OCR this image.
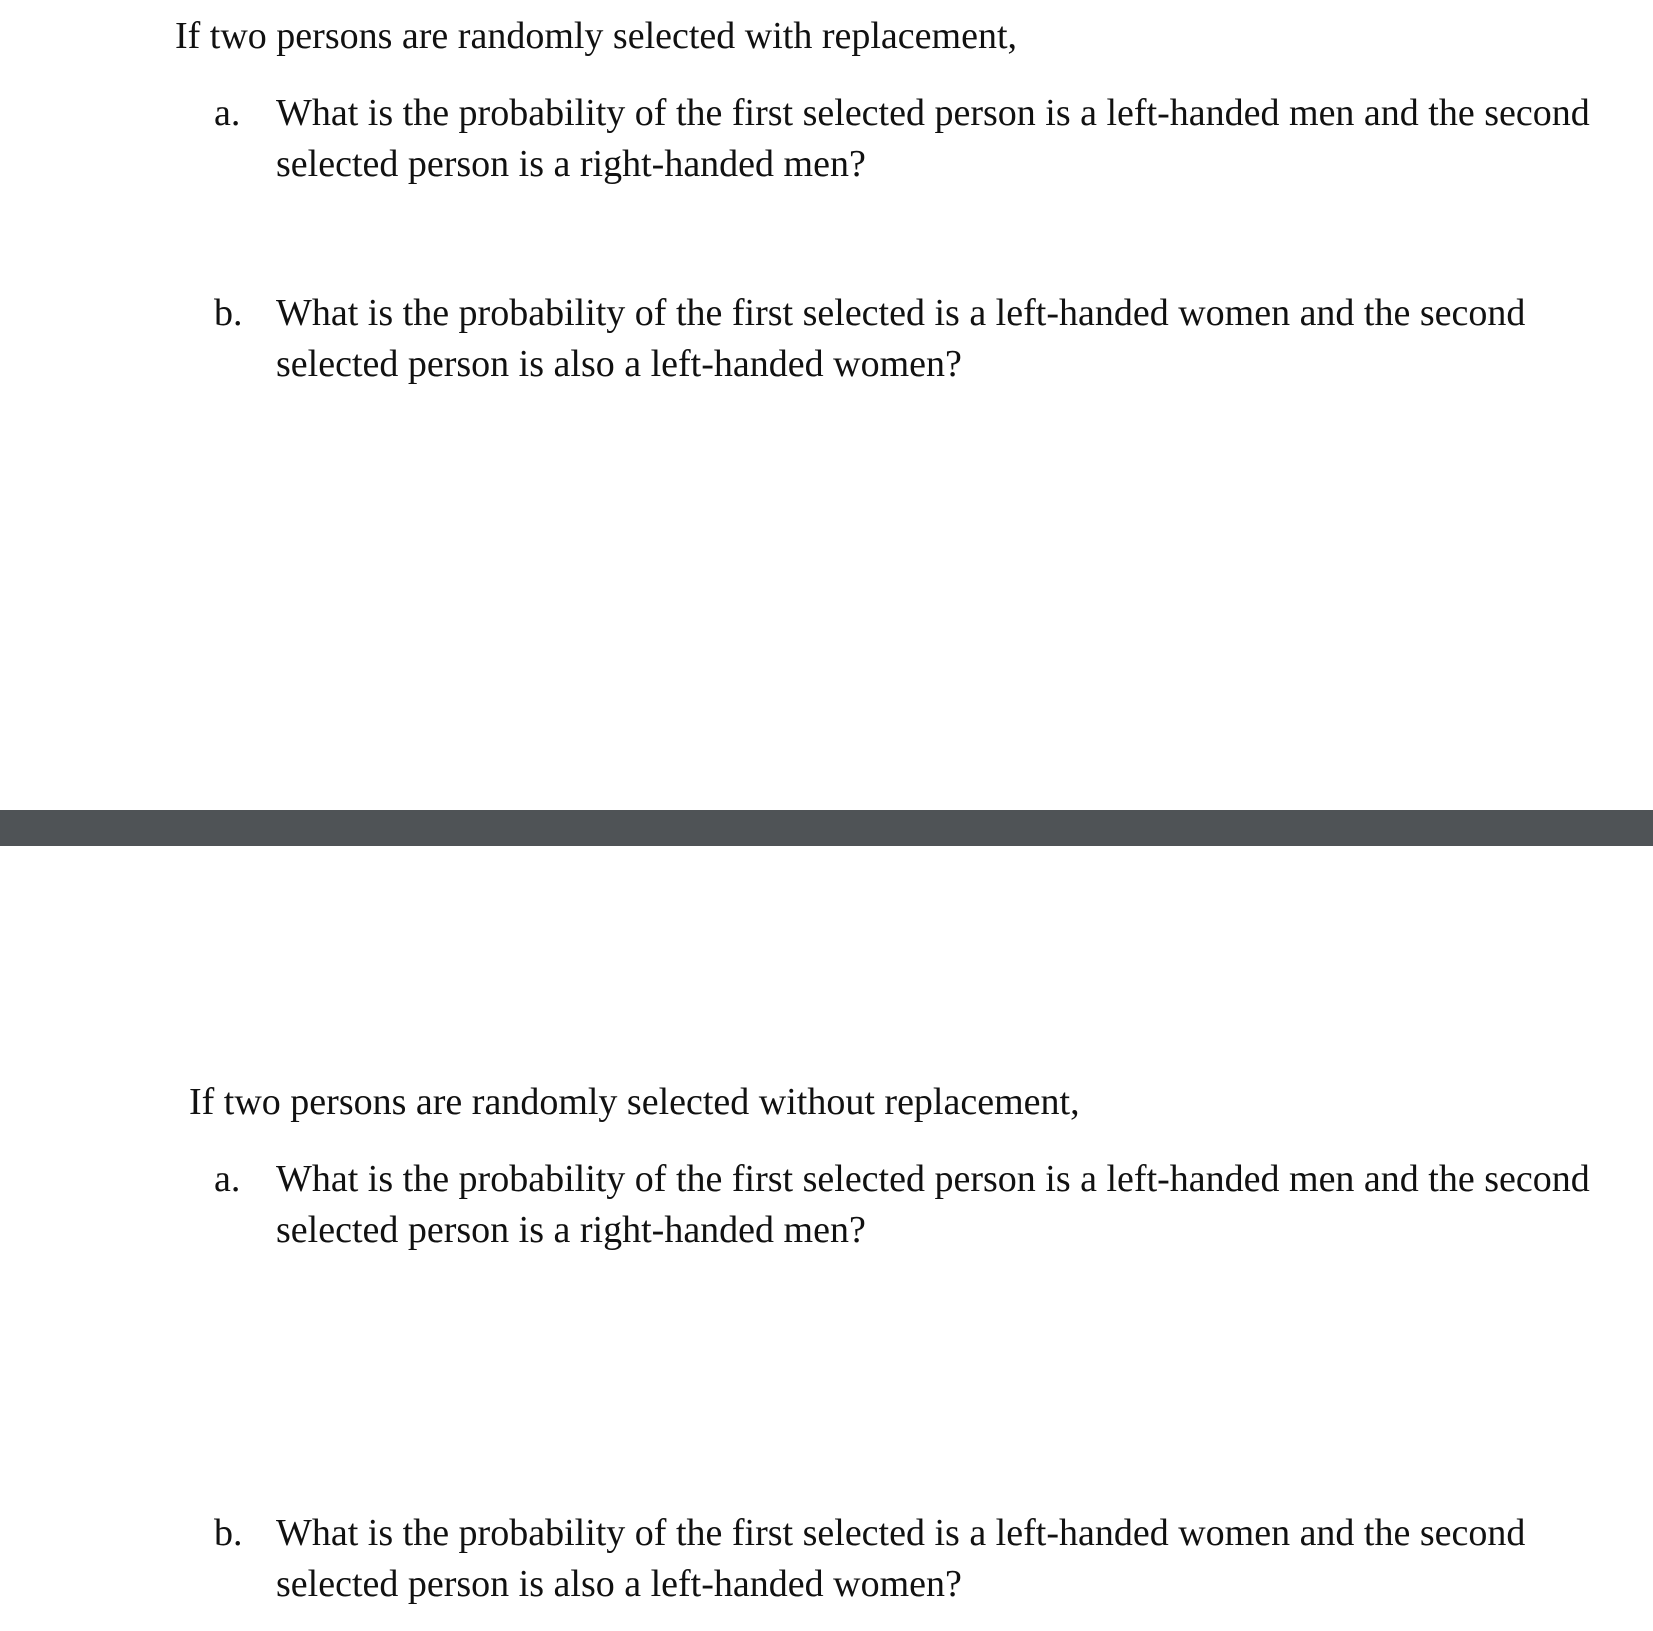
If two persons are randomly selected with replacement,

a. What is the probability of the first selected person is a left-handed men and the second selected person is a right-handed men?
b. What is the probability of the first selected is a left-handed women and the second selected person is also a left-handed women?

If two persons are randomly selected without replacement,

a. What is the probability of the first selected person is a left-handed men and the second selected person is a right-handed men?
b. What is the probability of the first selected is a left-handed women and the second selected person is also a left-handed women?
